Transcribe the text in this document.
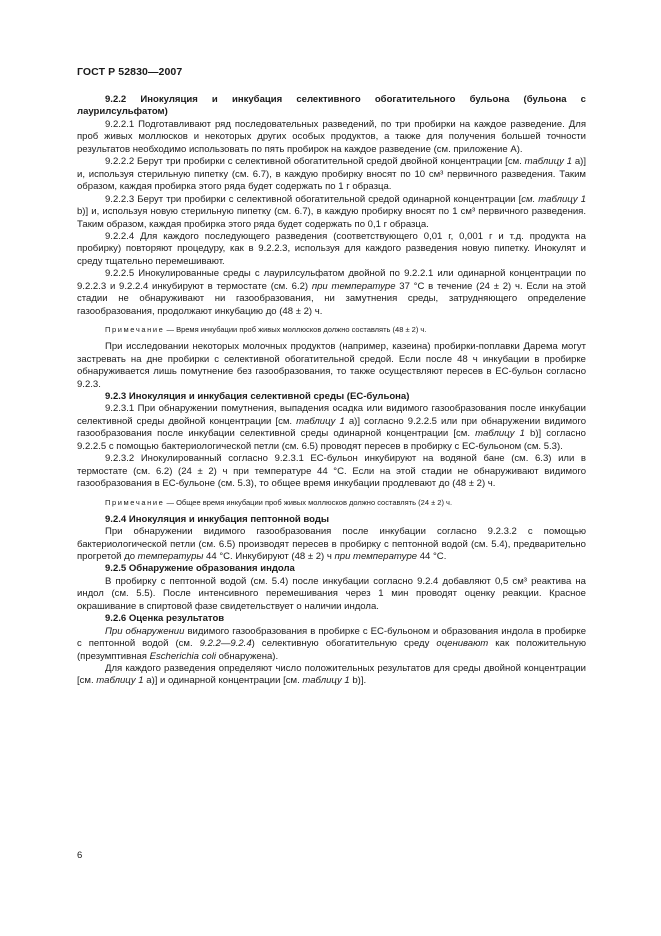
ГОСТ Р 52830—2007

9.2.2 Инокуляция и инкубация селективного обогатительного бульона (бульона с лаурилсульфатом)

9.2.2.1 Подготавливают ряд последовательных разведений, по три пробирки на каждое разведение. Для проб живых моллюсков и некоторых других особых продуктов, а также для получения большей точности результатов необходимо использовать по пять пробирок на каждое разведение (см. приложение А).

9.2.2.2 Берут три пробирки с селективной обогатительной средой двойной концентрации [см. таблицу 1 а)] и, используя стерильную пипетку (см. 6.7), в каждую пробирку вносят по 10 см³ первичного разведения. Таким образом, каждая пробирка этого ряда будет содержать по 1 г образца.

9.2.2.3 Берут три пробирки с селективной обогатительной средой одинарной концентрации [см. таблицу 1 b)] и, используя новую стерильную пипетку (см. 6.7), в каждую пробирку вносят по 1 см³ первичного разведения. Таким образом, каждая пробирка этого ряда будет содержать по 0,1 г образца.

9.2.2.4 Для каждого последующего разведения (соответствующего 0,01 г, 0,001 г и т.д. продукта на пробирку) повторяют процедуру, как в 9.2.2.3, используя для каждого разведения новую пипетку. Инокулят и среду тщательно перемешивают.

9.2.2.5 Инокулированные среды с лаурилсульфатом двойной по 9.2.2.1 или одинарной концентрации по 9.2.2.3 и 9.2.2.4 инкубируют в термостате (см. 6.2) при температуре 37 °С в течение (24 ± 2) ч. Если на этой стадии не обнаруживают ни газообразования, ни замутнения среды, затрудняющего определение газообразования, продолжают инкубацию до (48 ± 2) ч.

Примечание — Время инкубации проб живых моллюсков должно составлять (48 ± 2) ч.

При исследовании некоторых молочных продуктов (например, казеина) пробирки-поплавки Дарема могут застревать на дне пробирки с селективной обогатительной средой. Если после 48 ч инкубации в пробирке обнаруживается лишь помутнение без газообразования, то также осуществляют пересев в ЕС-бульон согласно 9.2.3.

9.2.3 Инокуляция и инкубация селективной среды (ЕС-бульона)

9.2.3.1 При обнаружении помутнения, выпадения осадка или видимого газообразования после инкубации селективной среды двойной концентрации [см. таблицу 1 а)] согласно 9.2.2.5 или при обнаружении видимого газообразования после инкубации селективной среды одинарной концентрации [см. таблицу 1 b)] согласно 9.2.2.5 с помощью бактериологической петли (см. 6.5) проводят пересев в пробирку с ЕС-бульоном (см. 5.3).

9.2.3.2 Инокулированный согласно 9.2.3.1 ЕС-бульон инкубируют на водяной бане (см. 6.3) или в термостате (см. 6.2) (24 ± 2) ч при температуре 44 °С. Если на этой стадии не обнаруживают видимого газообразования в ЕС-бульоне (см. 5.3), то общее время инкубации продлевают до (48 ± 2) ч.

Примечание — Общее время инкубации проб живых моллюсков должно составлять (24 ± 2) ч.

9.2.4 Инокуляция и инкубация пептонной воды

При обнаружении видимого газообразования после инкубации согласно 9.2.3.2 с помощью бактериологической петли (см. 6.5) производят пересев в пробирку с пептонной водой (см. 5.4), предварительно прогретой до температуры 44 °С. Инкубируют (48 ± 2) ч при температуре 44 °С.

9.2.5 Обнаружение образования индола

В пробирку с пептонной водой (см. 5.4) после инкубации согласно 9.2.4 добавляют 0,5 см³ реактива на индол (см. 5.5). После интенсивного перемешивания через 1 мин проводят оценку реакции. Красное окрашивание в спиртовой фазе свидетельствует о наличии индола.

9.2.6 Оценка результатов

При обнаружении видимого газообразования в пробирке с ЕС-бульоном и образования индола в пробирке с пептонной водой (см. 9.2.2—9.2.4) селективную обогатительную среду оценивают как положительную (презумптивная Escherichia coli обнаружена).

Для каждого разведения определяют число положительных результатов для среды двойной концентрации [см. таблицу 1 а)] и одинарной концентрации [см. таблицу 1 b)].

6
